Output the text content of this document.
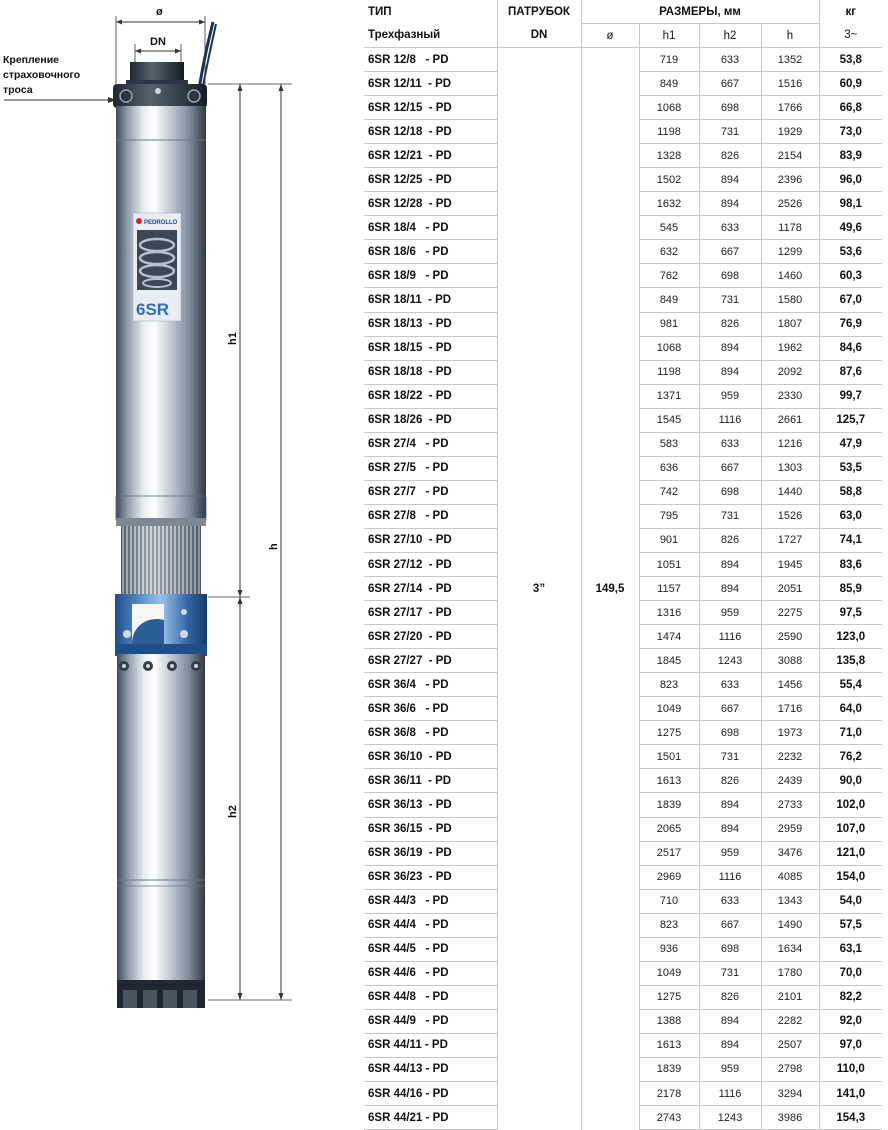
Крепление
страховочного
троса
ø
DN
PEDROLLO
6SR
h1
h2
h
ТИП	ПАТРУБОК	РАЗМЕРЫ, мм				кг
Трехфазный	DN	ø	h1	h2	h	3~
6SR 12/8   - PD			719	633	1352	53,8
6SR 12/11  - PD			849	667	1516	60,9
6SR 12/15  - PD			1068	698	1766	66,8
6SR 12/18  - PD			1198	731	1929	73,0
6SR 12/21  - PD			1328	826	2154	83,9
6SR 12/25  - PD			1502	894	2396	96,0
6SR 12/28  - PD			1632	894	2526	98,1
6SR 18/4   - PD			545	633	1178	49,6
6SR 18/6   - PD			632	667	1299	53,6
6SR 18/9   - PD			762	698	1460	60,3
6SR 18/11  - PD			849	731	1580	67,0
6SR 18/13  - PD			981	826	1807	76,9
6SR 18/15  - PD			1068	894	1962	84,6
6SR 18/18  - PD			1198	894	2092	87,6
6SR 18/22  - PD			1371	959	2330	99,7
6SR 18/26  - PD			1545	1116	2661	125,7
6SR 27/4   - PD			583	633	1216	47,9
6SR 27/5   - PD			636	667	1303	53,5
6SR 27/7   - PD			742	698	1440	58,8
6SR 27/8   - PD			795	731	1526	63,0
6SR 27/10  - PD			901	826	1727	74,1
6SR 27/12  - PD			1051	894	1945	83,6
6SR 27/14  - PD	3”	149,5	1157	894	2051	85,9
6SR 27/17  - PD			1316	959	2275	97,5
6SR 27/20  - PD			1474	1116	2590	123,0
6SR 27/27  - PD			1845	1243	3088	135,8
6SR 36/4   - PD			823	633	1456	55,4
6SR 36/6   - PD			1049	667	1716	64,0
6SR 36/8   - PD			1275	698	1973	71,0
6SR 36/10  - PD			1501	731	2232	76,2
6SR 36/11  - PD			1613	826	2439	90,0
6SR 36/13  - PD			1839	894	2733	102,0
6SR 36/15  - PD			2065	894	2959	107,0
6SR 36/19  - PD			2517	959	3476	121,0
6SR 36/23  - PD			2969	1116	4085	154,0
6SR 44/3   - PD			710	633	1343	54,0
6SR 44/4   - PD			823	667	1490	57,5
6SR 44/5   - PD			936	698	1634	63,1
6SR 44/6   - PD			1049	731	1780	70,0
6SR 44/8   - PD			1275	826	2101	82,2
6SR 44/9   - PD			1388	894	2282	92,0
6SR 44/11 - PD			1613	894	2507	97,0
6SR 44/13 - PD			1839	959	2798	110,0
6SR 44/16 - PD			2178	1116	3294	141,0
6SR 44/21 - PD			2743	1243	3986	154,3
